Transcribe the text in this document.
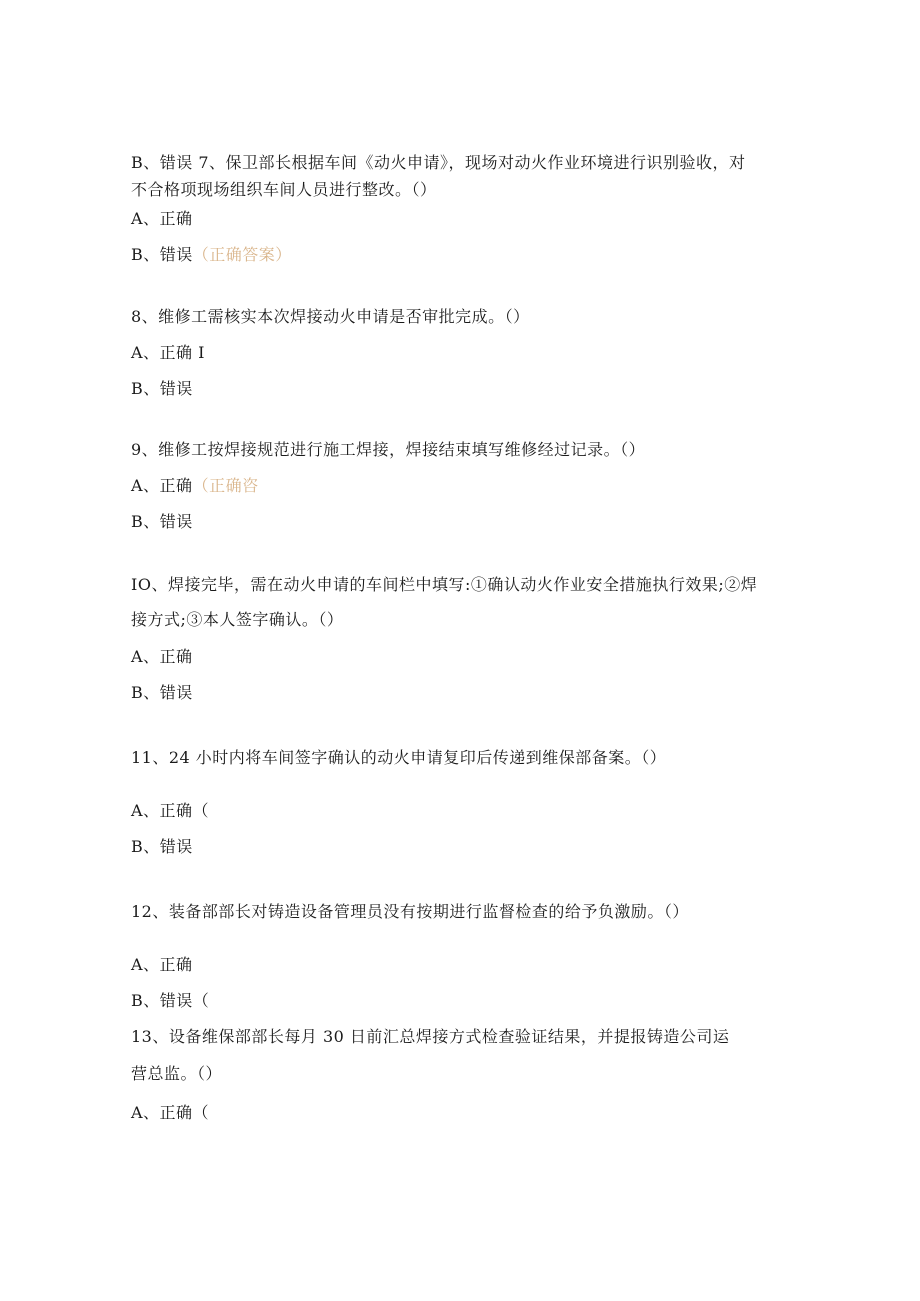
B、错误 7、保卫部长根据车间《动火申请》，现场对动火作业环境进行识别验收，对
不合格项现场组织车间人员进行整改。（）
A、正确
B、错误（正确答案）
8、维修工需核实本次焊接动火申请是否审批完成。（）
A、正确 I
B、错误
9、维修工按焊接规范进行施工焊接，焊接结束填写维修经过记录。（）
A、正确（正确咨
B、错误
IO、焊接完毕，需在动火申请的车间栏中填写:①确认动火作业安全措施执行效果;②焊
接方式;③本人签字确认。（）
A、正确
B、错误
11、24 小时内将车间签字确认的动火申请复印后传递到维保部备案。（）
A、正确（
B、错误
12、装备部部长对铸造设备管理员没有按期进行监督检查的给予负激励。（）
A、正确
B、错误（
13、设备维保部部长每月 30 日前汇总焊接方式检查验证结果，并提报铸造公司运
营总监。（）
A、正确（
